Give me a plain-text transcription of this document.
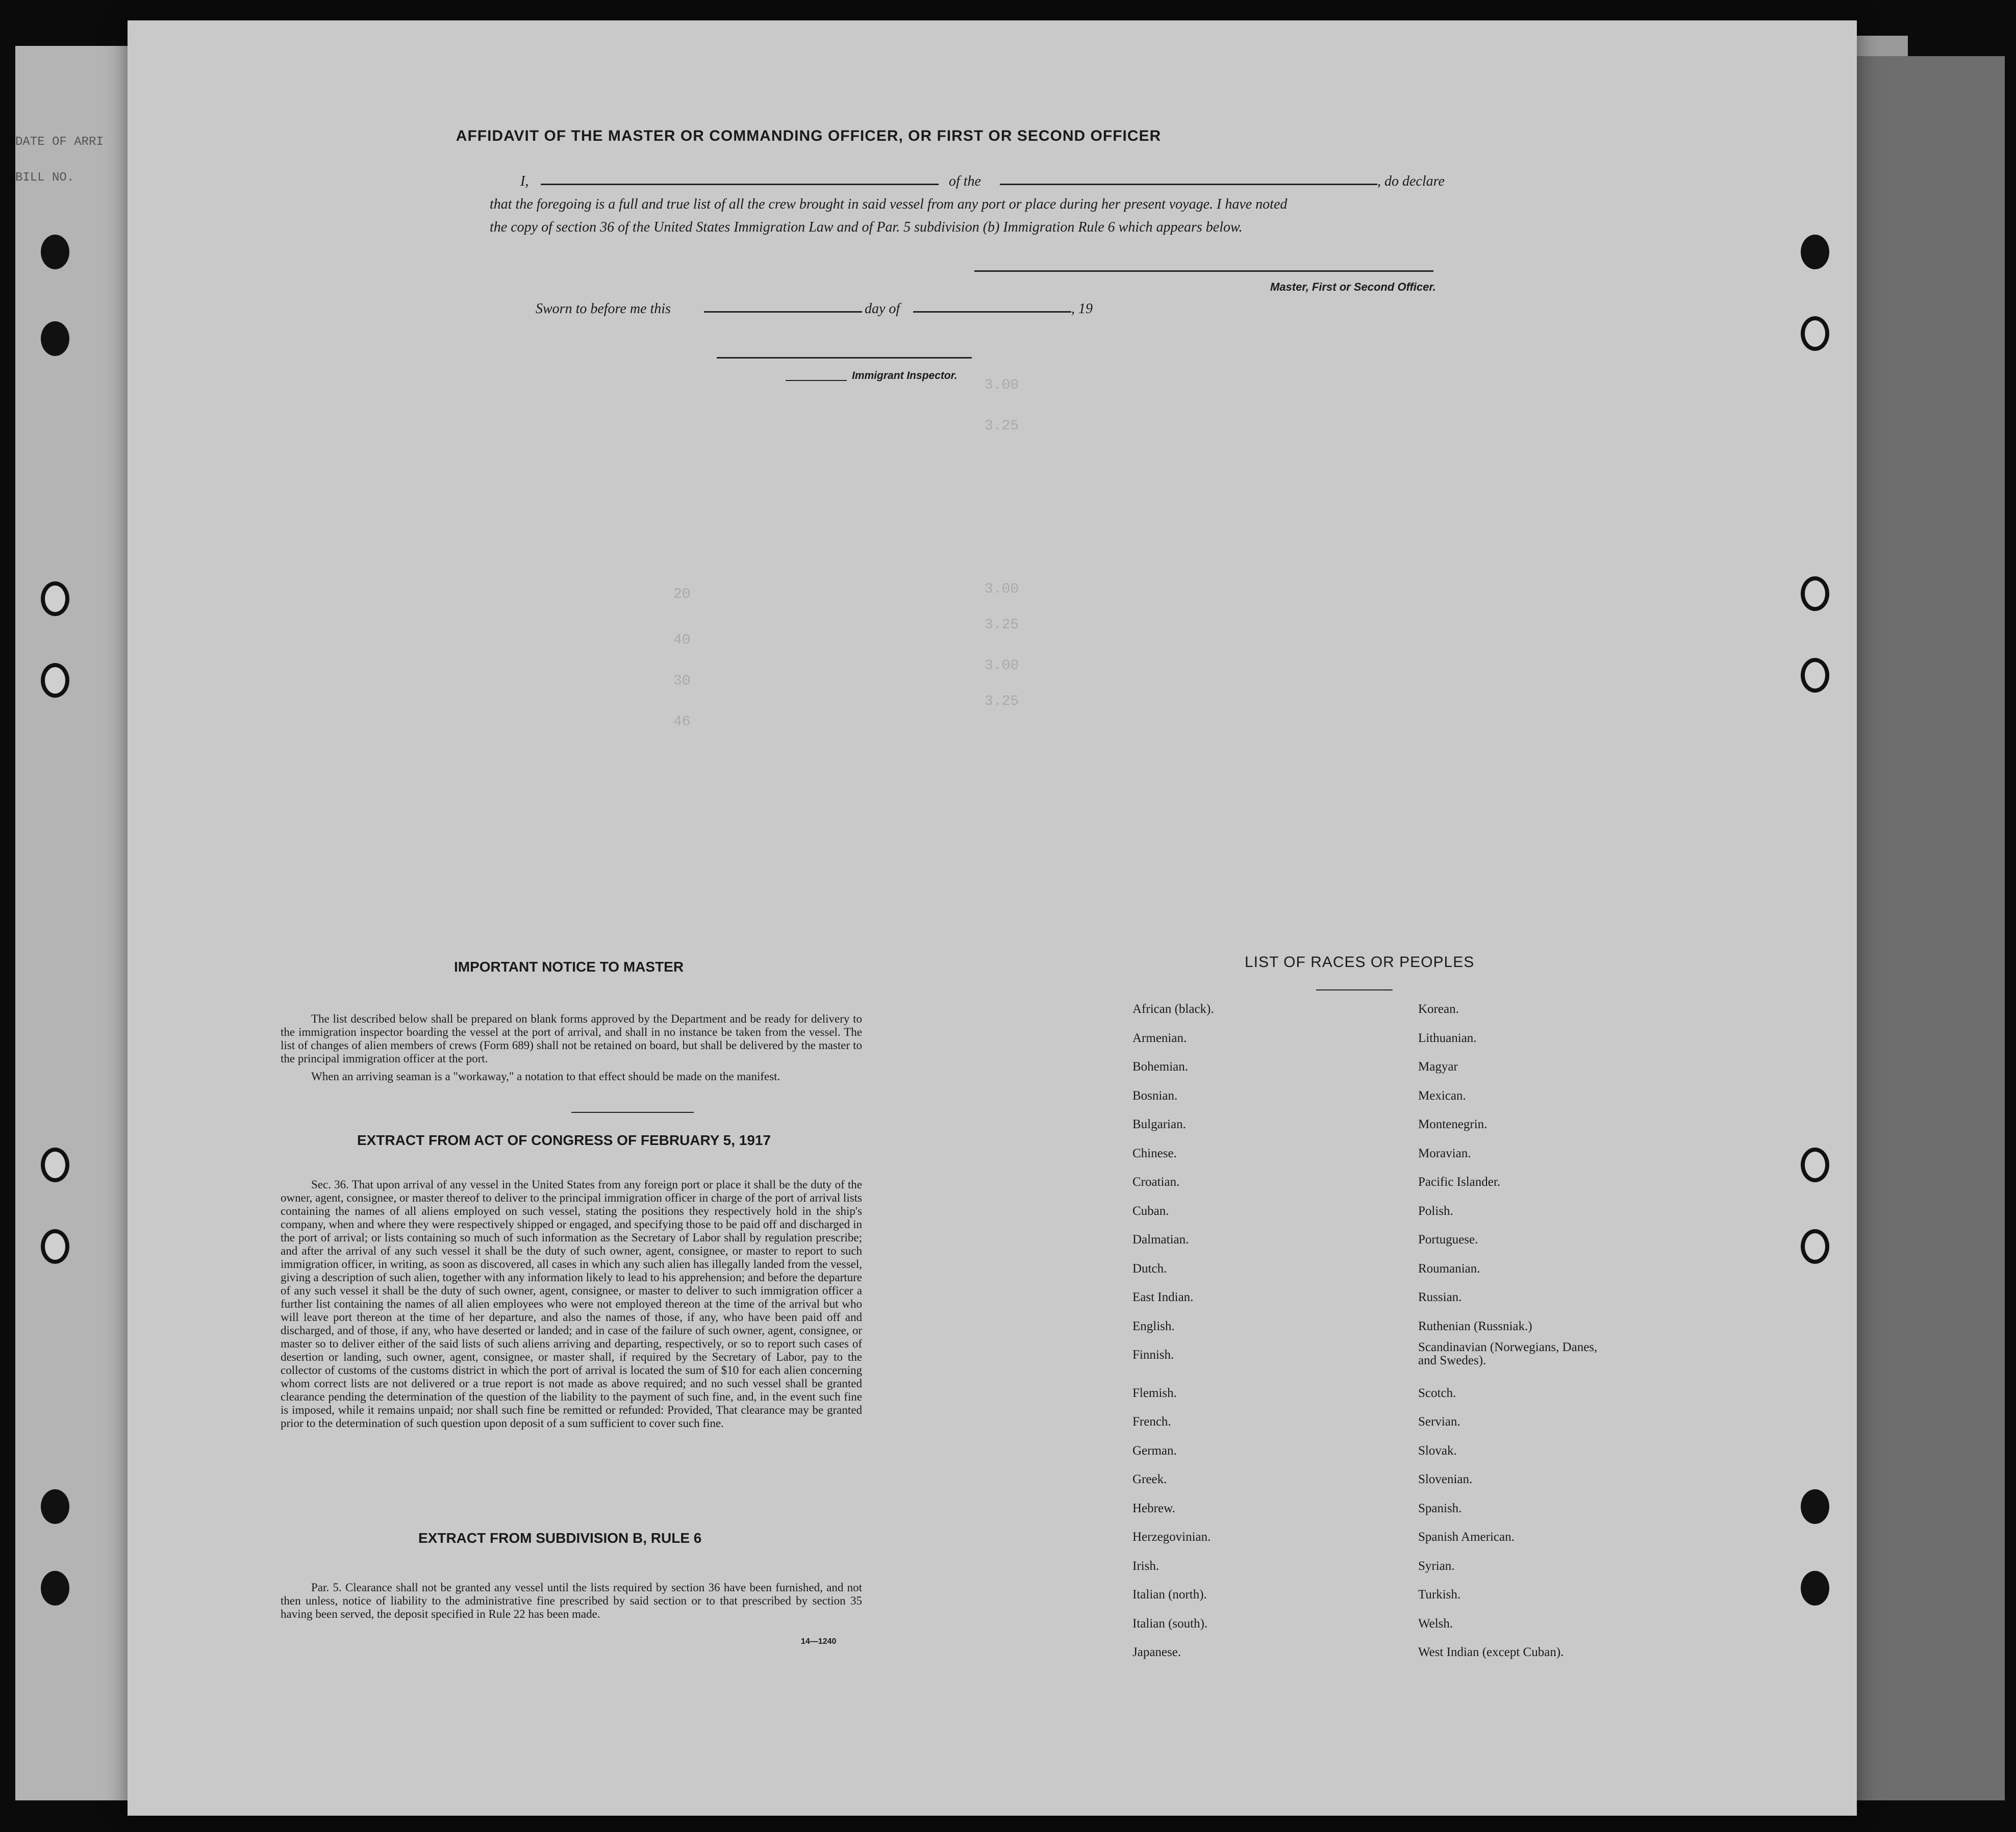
DATE OF ARRI
BILL NO.
AFFIDAVIT OF THE MASTER OR COMMANDING OFFICER, OR FIRST OR SECOND OFFICER
I,	of the	, do declare
that the foregoing is a full and true list of all the crew brought in said vessel from any port or place during her present voyage. I have noted
the copy of section 36 of the United States Immigration Law and of Par. 5 subdivision (b) Immigration Rule 6 which appears below.
Master, First or Second Officer.
Sworn to before me this	day of	, 19
Immigrant Inspector.
3.00
3.25
3.00
3.25
3.00
3.25
20
40
30
46
IMPORTANT NOTICE TO MASTER
The list described below shall be prepared on blank forms approved by the Department and be ready for delivery to the immigration inspector boarding the vessel at the port of arrival, and shall in no instance be taken from the vessel. The list of changes of alien members of crews (Form 689) shall not be retained on board, but shall be delivered by the master to the principal immigration officer at the port.
When an arriving seaman is a "workaway," a notation to that effect should be made on the manifest.
EXTRACT FROM ACT OF CONGRESS OF FEBRUARY 5, 1917
Sec. 36. That upon arrival of any vessel in the United States from any foreign port or place it shall be the duty of the owner, agent, consignee, or master thereof to deliver to the principal immigration officer in charge of the port of arrival lists containing the names of all aliens employed on such vessel, stating the positions they respectively hold in the ship's company, when and where they were respectively shipped or engaged, and specifying those to be paid off and discharged in the port of arrival; or lists containing so much of such information as the Secretary of Labor shall by regulation prescribe; and after the arrival of any such vessel it shall be the duty of such owner, agent, consignee, or master to report to such immigration officer, in writing, as soon as discovered, all cases in which any such alien has illegally landed from the vessel, giving a description of such alien, together with any information likely to lead to his apprehension; and before the departure of any such vessel it shall be the duty of such owner, agent, consignee, or master to deliver to such immigration officer a further list containing the names of all alien employees who were not employed thereon at the time of the arrival but who will leave port thereon at the time of her departure, and also the names of those, if any, who have been paid off and discharged, and of those, if any, who have deserted or landed; and in case of the failure of such owner, agent, consignee, or master so to deliver either of the said lists of such aliens arriving and departing, respectively, or so to report such cases of desertion or landing, such owner, agent, consignee, or master shall, if required by the Secretary of Labor, pay to the collector of customs of the customs district in which the port of arrival is located the sum of $10 for each alien concerning whom correct lists are not delivered or a true report is not made as above required; and no such vessel shall be granted clearance pending the determination of the question of the liability to the payment of such fine, and, in the event such fine is imposed, while it remains unpaid; nor shall such fine be remitted or refunded: Provided, That clearance may be granted prior to the determination of such question upon deposit of a sum sufficient to cover such fine.
EXTRACT FROM SUBDIVISION B, RULE 6
Par. 5. Clearance shall not be granted any vessel until the lists required by section 36 have been furnished, and not then unless, notice of liability to the administrative fine prescribed by said section or to that prescribed by section 35 having been served, the deposit specified in Rule 22 has been made.
14—1240
LIST OF RACES OR PEOPLES
African (black).
Armenian.
Bohemian.
Bosnian.
Bulgarian.
Chinese.
Croatian.
Cuban.
Dalmatian.
Dutch.
East Indian.
English.
Finnish.
Flemish.
French.
German.
Greek.
Hebrew.
Herzegovinian.
Irish.
Italian (north).
Italian (south).
Japanese.
Korean.
Lithuanian.
Magyar
Mexican.
Montenegrin.
Moravian.
Pacific Islander.
Polish.
Portuguese.
Roumanian.
Russian.
Ruthenian (Russniak.)
Scandinavian (Norwegians, Danes, and Swedes).
Scotch.
Servian.
Slovak.
Slovenian.
Spanish.
Spanish American.
Syrian.
Turkish.
Welsh.
West Indian (except Cuban).
